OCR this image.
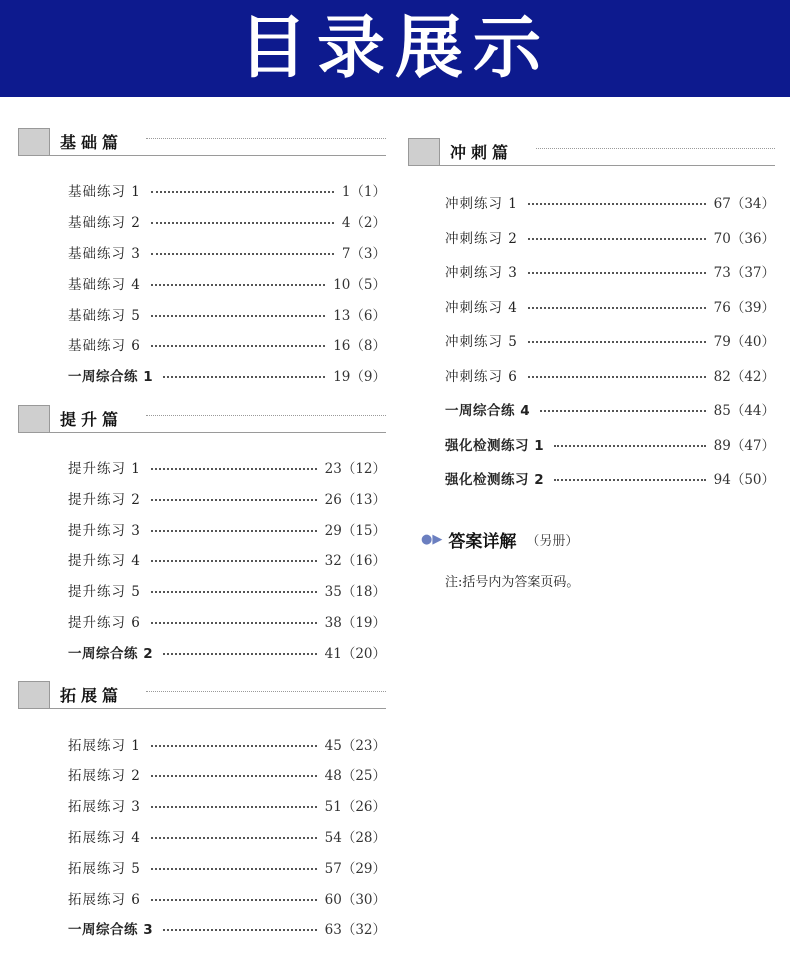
目录展示
基础篇
基础练习 1	1（1）
基础练习 2	4（2）
基础练习 3	7（3）
基础练习 4	10（5）
基础练习 5	13（6）
基础练习 6	16（8）
一周综合练 1	19（9）
提升篇
提升练习 1	23（12）
提升练习 2	26（13）
提升练习 3	29（15）
提升练习 4	32（16）
提升练习 5	35（18）
提升练习 6	38（19）
一周综合练 2	41（20）
拓展篇
拓展练习 1	45（23）
拓展练习 2	48（25）
拓展练习 3	51（26）
拓展练习 4	54（28）
拓展练习 5	57（29）
拓展练习 6	60（30）
一周综合练 3	63（32）
冲刺篇
冲刺练习 1	67（34）
冲刺练习 2	70（36）
冲刺练习 3	73（37）
冲刺练习 4	76（39）
冲刺练习 5	79（40）
冲刺练习 6	82（42）
一周综合练 4	85（44）
强化检测练习 1	89（47）
强化检测练习 2	94（50）
●▶ 答案详解 （另册）
注:括号内为答案页码。
